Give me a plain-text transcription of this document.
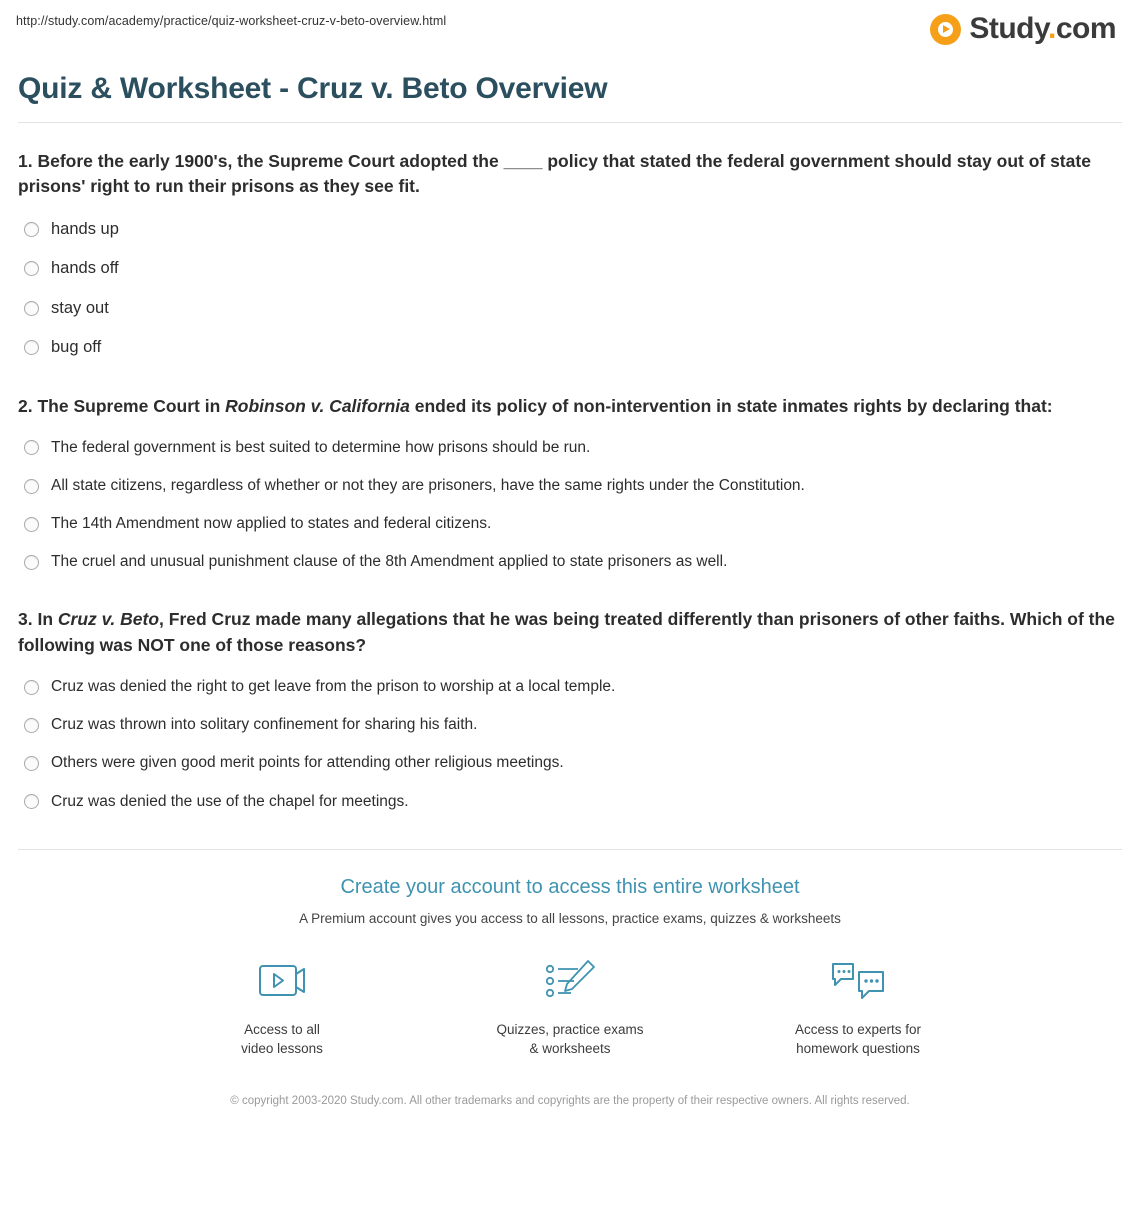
http://study.com/academy/practice/quiz-worksheet-cruz-v-beto-overview.html	Study.com
Quiz & Worksheet - Cruz v. Beto Overview

1. Before the early 1900's, the Supreme Court adopted the ____ policy that stated the federal government should stay out of state prisons' right to run their prisons as they see fit.

hands up
hands off
stay out
bug off

2. The Supreme Court in Robinson v. California ended its policy of non-intervention in state inmates rights by declaring that:

The federal government is best suited to determine how prisons should be run.
All state citizens, regardless of whether or not they are prisoners, have the same rights under the Constitution.
The 14th Amendment now applied to states and federal citizens.
The cruel and unusual punishment clause of the 8th Amendment applied to state prisoners as well.

3. In Cruz v. Beto, Fred Cruz made many allegations that he was being treated differently than prisoners of other faiths. Which of the following was NOT one of those reasons?

Cruz was denied the right to get leave from the prison to worship at a local temple.
Cruz was thrown into solitary confinement for sharing his faith.
Others were given good merit points for attending other religious meetings.
Cruz was denied the use of the chapel for meetings.
Create your account to access this entire worksheet
A Premium account gives you access to all lessons, practice exams, quizzes & worksheets
Access to all
video lessons
Quizzes, practice exams
& worksheets
Access to experts for
homework questions
© copyright 2003-2020 Study.com. All other trademarks and copyrights are the property of their respective owners. All rights reserved.
